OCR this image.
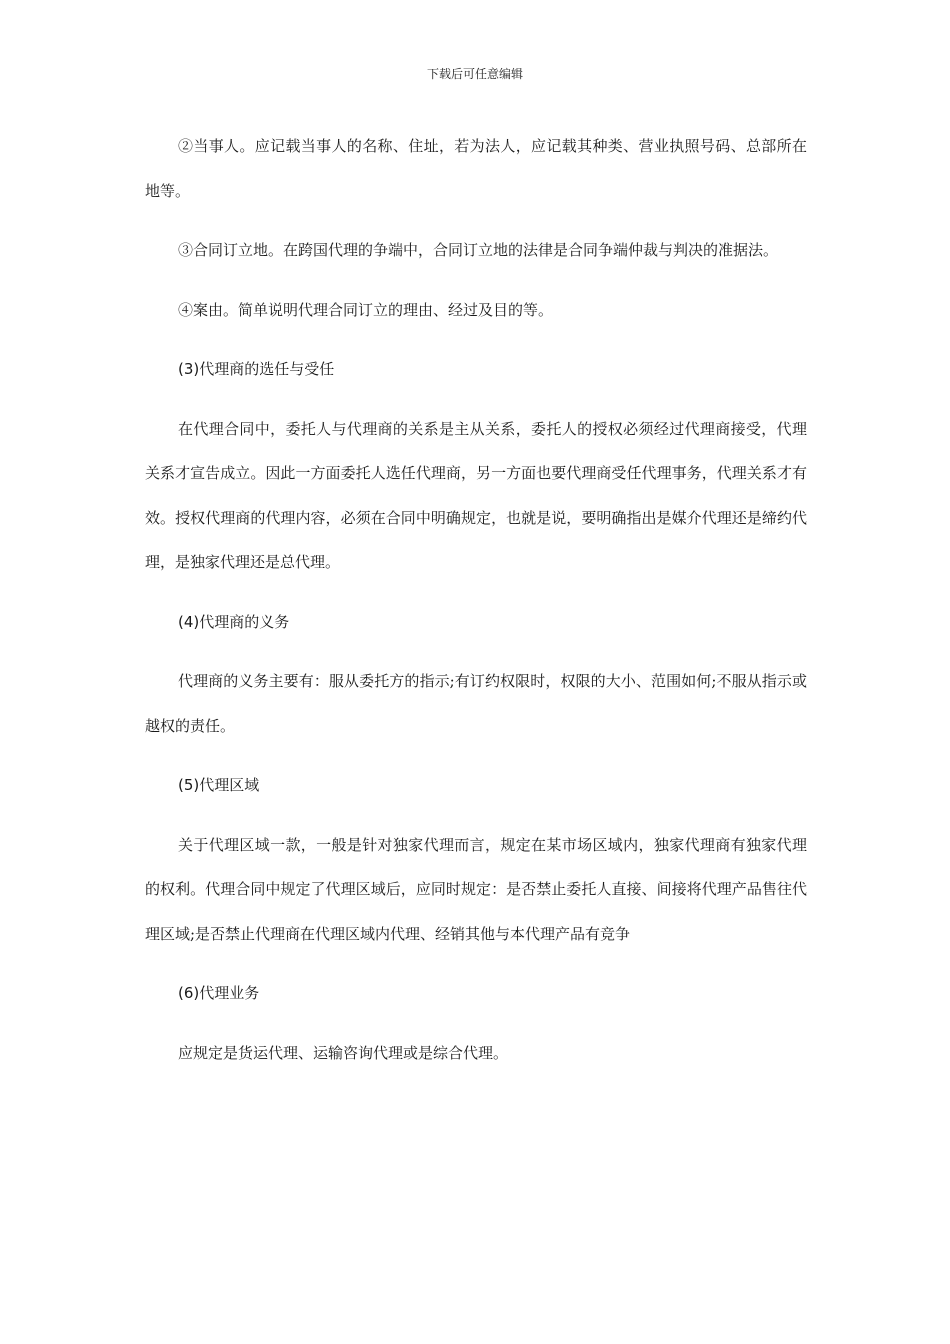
下载后可任意编辑

②当事人。应记载当事人的名称、住址，若为法人，应记载其种类、营业执照号码、总部所在地等。

③合同订立地。在跨国代理的争端中，合同订立地的法律是合同争端仲裁与判决的准据法。

④案由。简单说明代理合同订立的理由、经过及目的等。

(3)代理商的选任与受任

在代理合同中，委托人与代理商的关系是主从关系，委托人的授权必须经过代理商接受，代理关系才宣告成立。因此一方面委托人选任代理商，另一方面也要代理商受任代理事务，代理关系才有效。授权代理商的代理内容，必须在合同中明确规定，也就是说，要明确指出是媒介代理还是缔约代理，是独家代理还是总代理。

(4)代理商的义务

代理商的义务主要有：服从委托方的指示;有订约权限时，权限的大小、范围如何;不服从指示或越权的责任。

(5)代理区域

关于代理区域一款，一般是针对独家代理而言，规定在某市场区域内，独家代理商有独家代理的权利。代理合同中规定了代理区域后，应同时规定：是否禁止委托人直接、间接将代理产品售往代理区域;是否禁止代理商在代理区域内代理、经销其他与本代理产品有竞争

(6)代理业务

应规定是货运代理、运输咨询代理或是综合代理。
